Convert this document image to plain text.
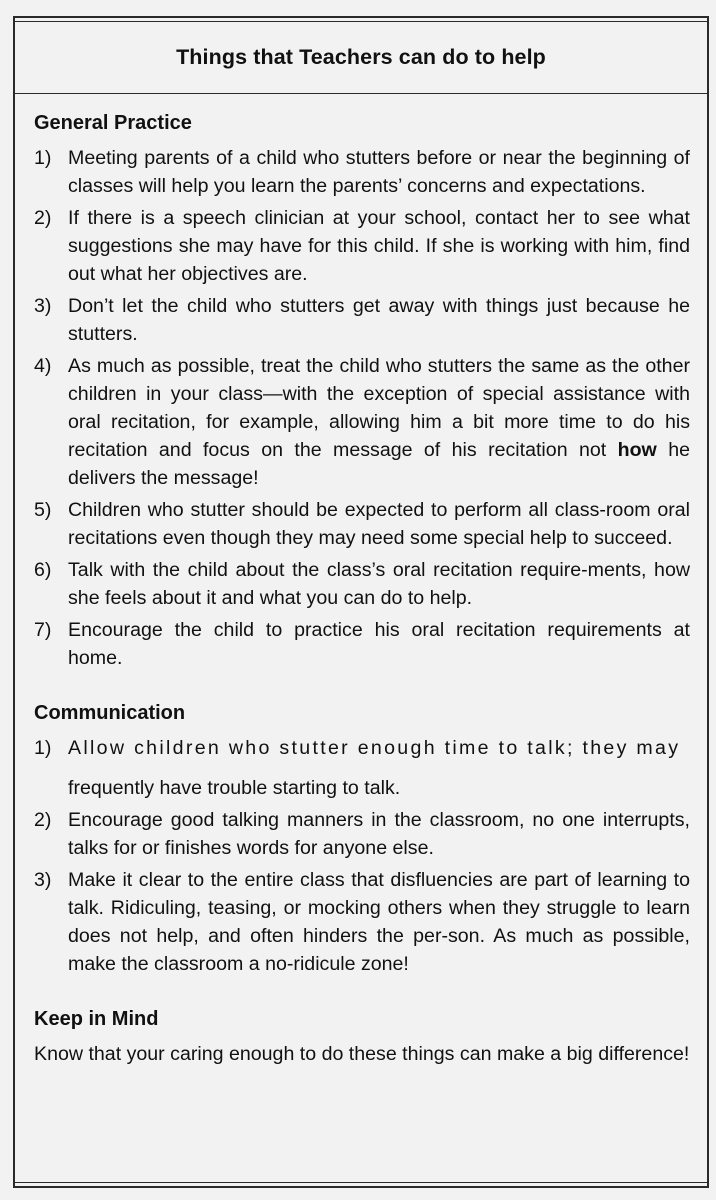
Things that Teachers can do to help
General Practice
1) Meeting parents of a child who stutters before or near the beginning of classes will help you learn the parents’ concerns and expectations.
2) If there is a speech clinician at your school, contact her to see what suggestions she may have for this child. If she is working with him, find out what her objectives are.
3) Don’t let the child who stutters get away with things just because he stutters.
4) As much as possible, treat the child who stutters the same as the other children in your class—with the exception of special assistance with oral recitation, for example, allowing him a bit more time to do his recitation and focus on the message of his recitation not how he delivers the message!
5) Children who stutter should be expected to perform all class-room oral recitations even though they may need some special help to succeed.
6) Talk with the child about the class’s oral recitation require-ments, how she feels about it and what you can do to help.
7) Encourage the child to practice his oral recitation requirements at home.
Communication
1) Allow children who stutter enough time to talk; they may
frequently have trouble starting to talk.
2) Encourage good talking manners in the classroom, no one interrupts, talks for or finishes words for anyone else.
3) Make it clear to the entire class that disfluencies are part of learning to talk. Ridiculing, teasing, or mocking others when they struggle to learn does not help, and often hinders the per-son. As much as possible, make the classroom a no-ridicule zone!
Keep in Mind
Know that your caring enough to do these things can make a big difference!
